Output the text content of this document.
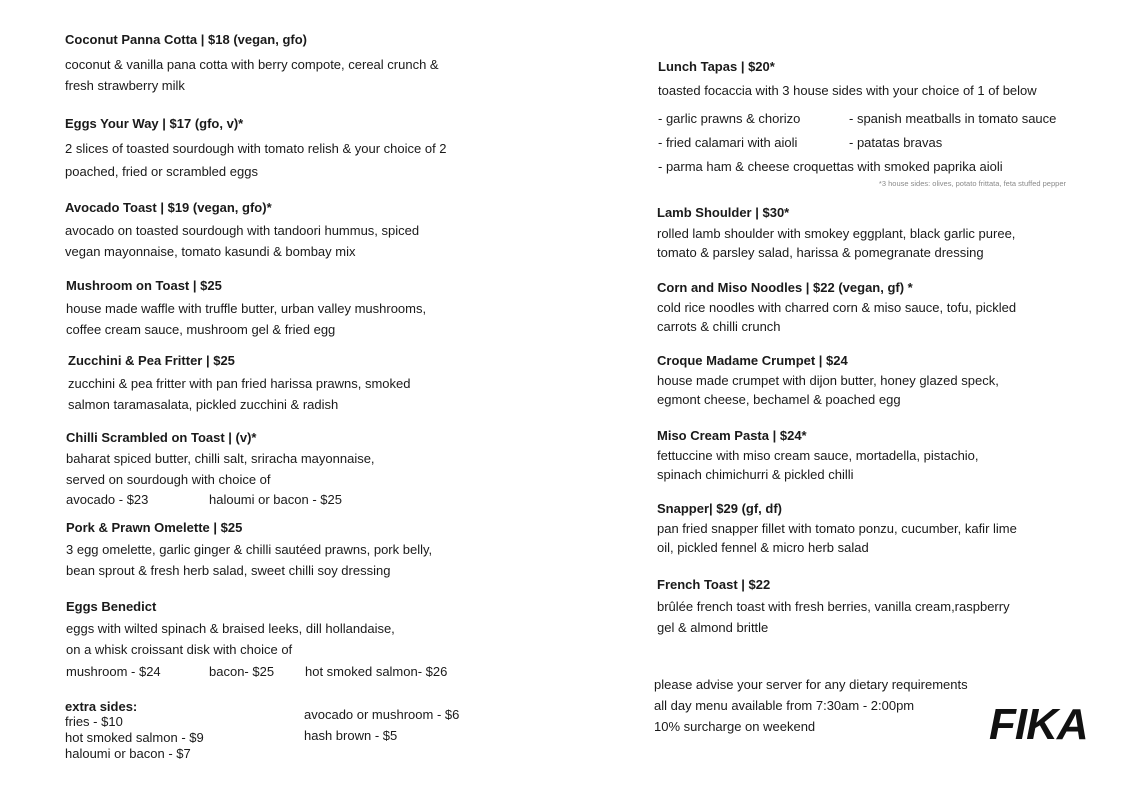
Coconut Panna Cotta | $18 (vegan, gfo)
coconut & vanilla pana cotta with berry compote, cereal crunch &
fresh strawberry milk
Eggs Your Way | $17 (gfo, v)*
2 slices of toasted sourdough with tomato relish & your choice of 2
poached, fried or scrambled eggs
Avocado Toast | $19 (vegan, gfo)*
avocado on toasted sourdough with tandoori hummus, spiced
vegan mayonnaise, tomato kasundi & bombay mix
Mushroom on Toast | $25
house made waffle with truffle butter, urban valley mushrooms,
coffee cream sauce, mushroom gel & fried egg
Zucchini & Pea Fritter | $25
zucchini & pea fritter with pan fried harissa prawns, smoked
salmon taramasalata, pickled zucchini & radish
Chilli Scrambled on Toast | (v)*
baharat spiced butter, chilli salt, sriracha mayonnaise,
served on sourdough with choice of
avocado - $23	haloumi or bacon - $25
Pork & Prawn Omelette | $25
3 egg omelette, garlic ginger & chilli sautéed prawns, pork belly,
bean sprout & fresh herb salad, sweet chilli soy dressing
Eggs Benedict
eggs with wilted spinach & braised leeks, dill hollandaise,
on a whisk croissant disk with choice of
mushroom - $24	bacon- $25 hot smoked salmon- $26
extra sides:
fries - $10
hot smoked salmon - $9
haloumi or bacon - $7
avocado or mushroom - $6
hash brown - $5
Lunch Tapas | $20*
toasted focaccia with 3 house sides with your choice of 1 of below
- garlic prawns & chorizo	- spanish meatballs in tomato sauce
- fried calamari with aioli	- patatas bravas
- parma ham & cheese croquettas with smoked paprika aioli
*3 house sides: olives, potato frittata, feta stuffed pepper
Lamb Shoulder | $30*
rolled lamb shoulder with smokey eggplant, black garlic puree,
tomato & parsley salad, harissa & pomegranate dressing
Corn and Miso Noodles | $22 (vegan, gf) *
cold rice noodles with charred corn & miso sauce, tofu, pickled
carrots & chilli crunch
Croque Madame Crumpet | $24
house made crumpet with dijon butter, honey glazed speck,
egmont cheese, bechamel & poached egg
Miso Cream Pasta | $24*
fettuccine with miso cream sauce, mortadella, pistachio,
spinach chimichurri & pickled chilli
Snapper| $29 (gf, df)
pan fried snapper fillet with tomato ponzu, cucumber, kafir lime
oil, pickled fennel & micro herb salad
French Toast | $22
brûlée french toast with fresh berries, vanilla cream,raspberry
gel & almond brittle
please advise your server for any dietary requirements
all day menu available from 7:30am - 2:00pm
10% surcharge on weekend	FIKA
